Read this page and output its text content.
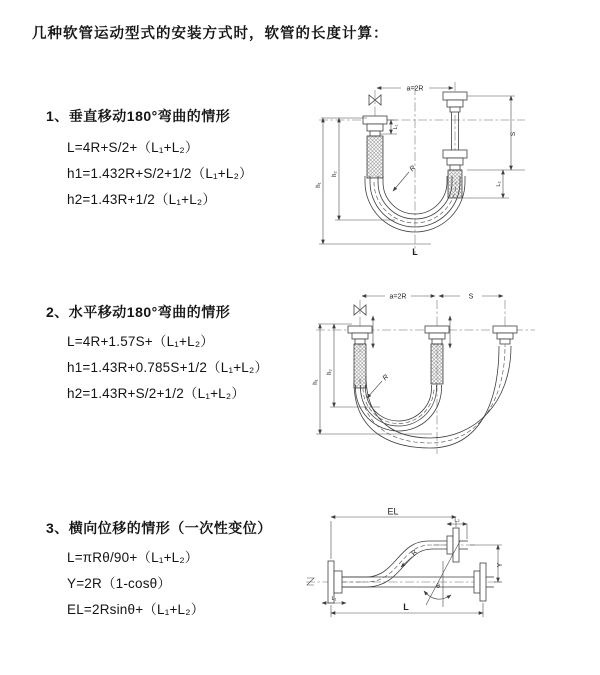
几种软管运动型式的安装方式时，软管的长度计算：
1、垂直移动180°弯曲的情形
L=4R+S/2+（L₁+L₂）
h1=1.432R+S/2+1/2（L₁+L₂）
h2=1.43R+1/2（L₁+L₂）
2、水平移动180°弯曲的情形
L=4R+1.57S+（L₁+L₂）
h1=1.43R+0.785S+1/2（L₁+L₂）
h2=1.43R+S/2+1/2（L₁+L₂）
3、横向位移的情形（一次性变位）
L=πRθ/90+（L₁+L₂）
Y=2R（1-cosθ）
EL=2Rsinθ+（L₁+L₂）
a=2R
h₁
h₂
L₁
S
L₂
R
L
a=2R	S
h₁
h₂
R
EL
L₂
Y
L
L₁
R
θ
